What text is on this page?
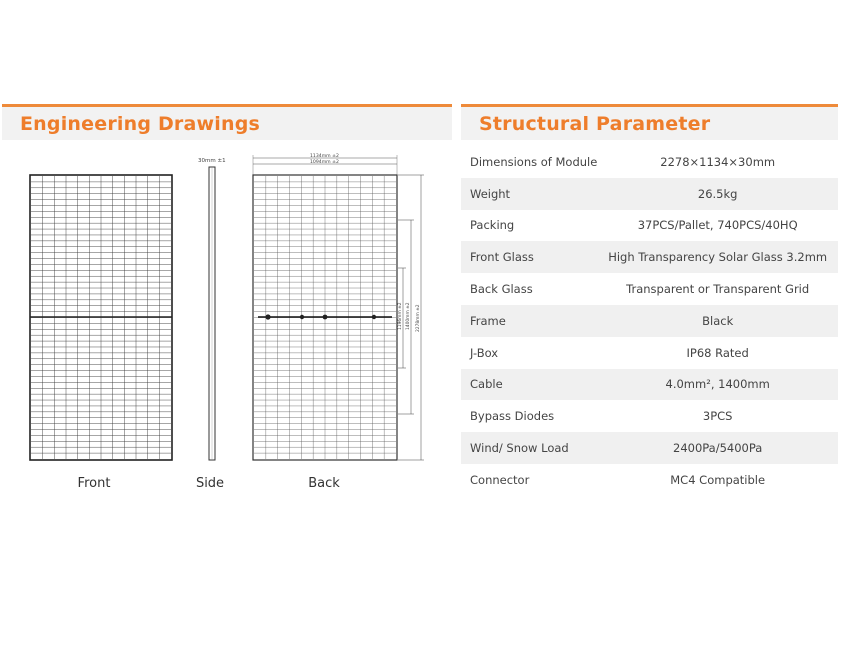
Engineering Drawings	Structural Parameter
30mm ±1
1134mm ±2
1094mm ±2
1196mm ±2 1400mm ±2 2278mm ±2
Front	Side	Back
Dimensions of Module	2278×1134×30mm
Weight	26.5kg
Packing	37PCS/Pallet, 740PCS/40HQ
Front Glass	High Transparency Solar Glass 3.2mm
Back Glass	Transparent or Transparent Grid
Frame	Black
J-Box	IP68 Rated
Cable	4.0mm², 1400mm
Bypass Diodes	3PCS
Wind/ Snow Load	2400Pa/5400Pa
Connector	MC4 Compatible
